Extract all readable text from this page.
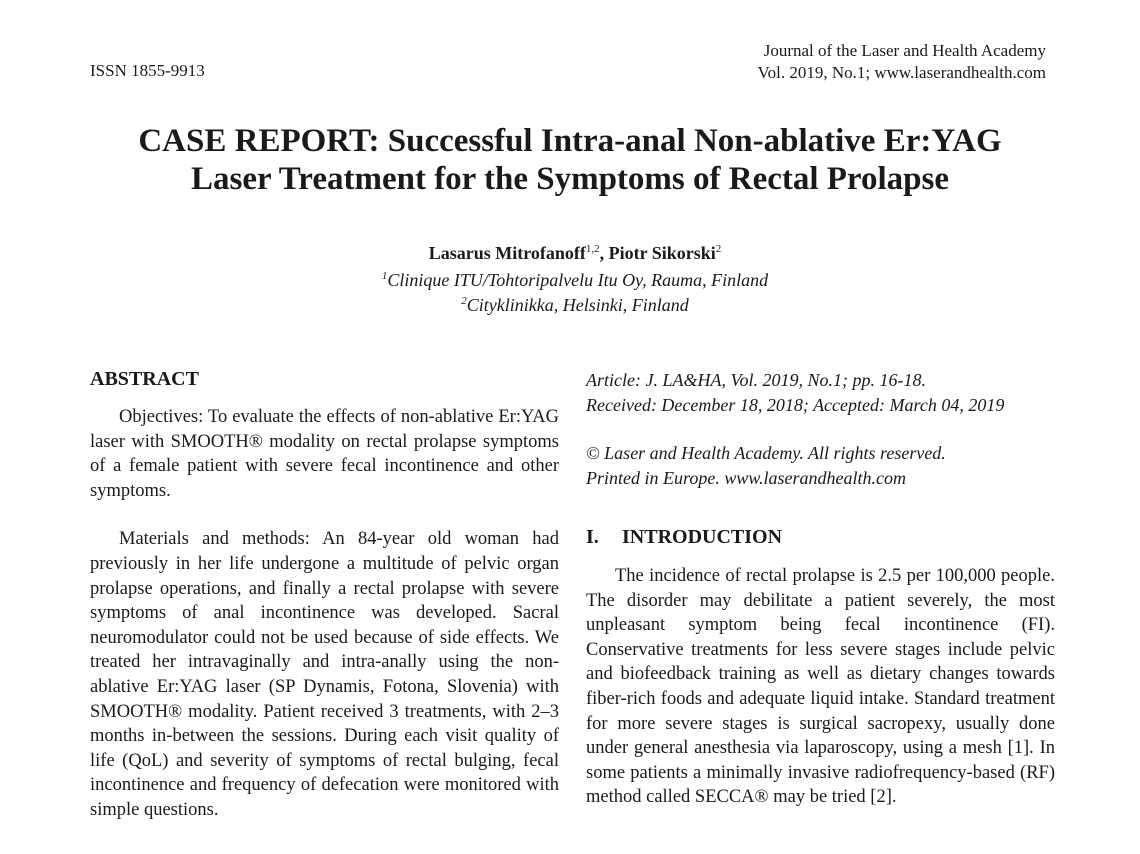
ISSN 1855-9913
Journal of the Laser and Health Academy
Vol. 2019, No.1; www.laserandhealth.com
CASE REPORT: Successful Intra-anal Non-ablative Er:YAG
Laser Treatment for the Symptoms of Rectal Prolapse
Lasarus Mitrofanoff$^{1,2}$, Piotr Sikorski$^2$
$^1$Clinique ITU/Tohtoripalvelu Itu Oy, Rauma, Finland
$^2$Cityklinikka, Helsinki, Finland
ABSTRACT

Objectives: To evaluate the effects of non-ablative Er:YAG laser with SMOOTH® modality on rectal prolapse symptoms of a female patient with severe fecal incontinence and other symptoms.

Materials and methods: An 84-year old woman had previously in her life undergone a multitude of pelvic organ prolapse operations, and finally a rectal prolapse with severe symptoms of anal incontinence was developed. Sacral neuromodulator could not be used because of side effects. We treated her intravaginally and intra-anally using the non-ablative Er:YAG laser (SP Dynamis, Fotona, Slovenia) with SMOOTH® modality. Patient received 3 treatments, with 2–3 months in-between the sessions. During each visit quality of life (QoL) and severity of symptoms of rectal bulging, fecal incontinence and frequency of defecation were monitored with simple questions.

Article: J. LA&HA, Vol. 2019, No.1; pp. 16-18.
Received: December 18, 2018; Accepted: March 04, 2019
© Laser and Health Academy. All rights reserved.
Printed in Europe. www.laserandhealth.com
I. INTRODUCTION

The incidence of rectal prolapse is 2.5 per 100,000 people. The disorder may debilitate a patient severely, the most unpleasant symptom being fecal incontinence (FI). Conservative treatments for less severe stages include pelvic and biofeedback training as well as dietary changes towards fiber-rich foods and adequate liquid intake. Standard treatment for more severe stages is surgical sacropexy, usually done under general anesthesia via laparoscopy, using a mesh [1]. In some patients a minimally invasive radiofrequency-based (RF) method called SECCA® may be tried [2].
